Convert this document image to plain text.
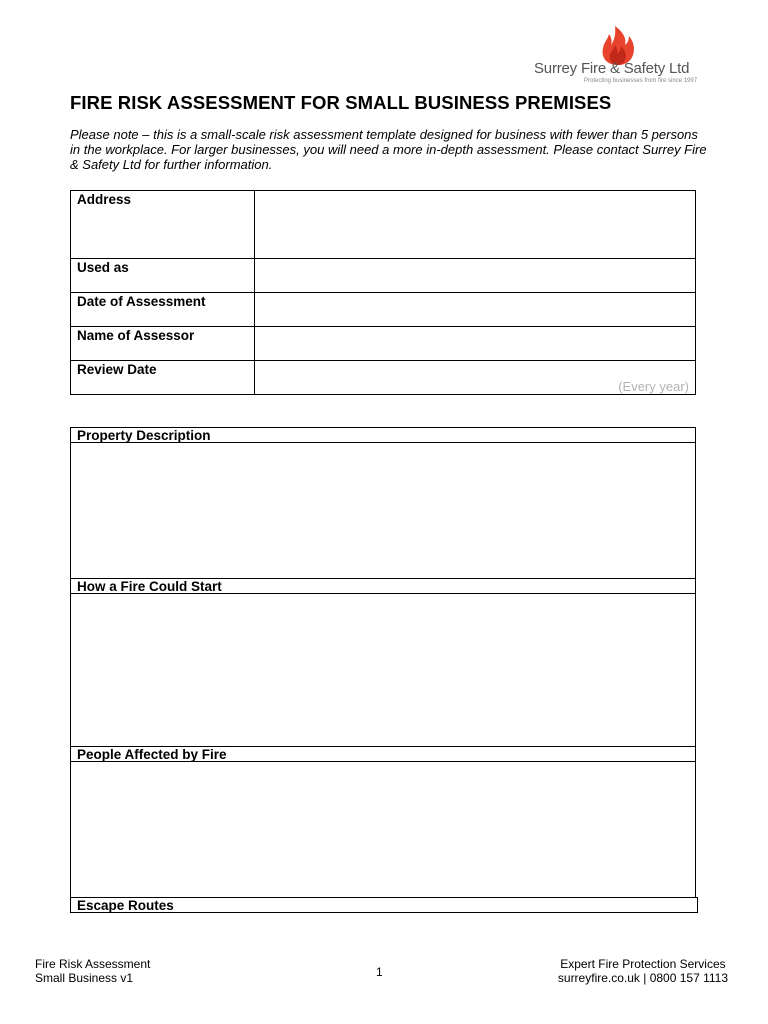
Surrey Fire & Safety Ltd
Protecting businesses from fire since 1997
FIRE RISK ASSESSMENT FOR SMALL BUSINESS PREMISES

Please note – this is a small-scale risk assessment template designed for business with fewer than 5 persons in the workplace. For larger businesses, you will need a more in-depth assessment. Please contact Surrey Fire & Safety Ltd for further information.

Address	
Used as	
Date of Assessment	
Name of Assessor	
Review Date	(Every year)
Property Description
How a Fire Could Start
People Affected by Fire
Escape Routes
Fire Risk Assessment
Small Business v1	1
Expert Fire Protection Services
surreyfire.co.uk | 0800 157 1113
